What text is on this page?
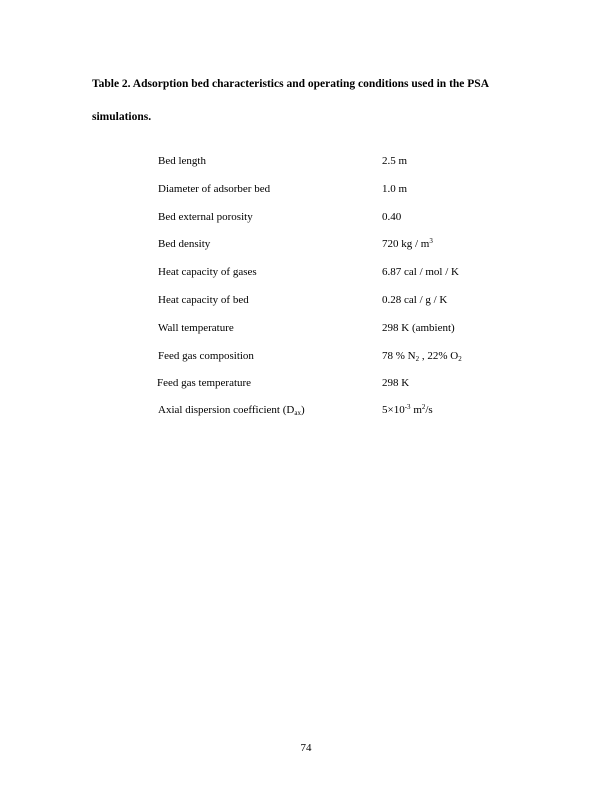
Table 2. Adsorption bed characteristics and operating conditions used in the PSA
simulations.
Bed length	2.5 m
Diameter of adsorber bed	1.0 m
Bed external porosity	0.40
Bed density	720 kg / $m^3$
Heat capacity of gases	6.87 cal / mol / K
Heat capacity of bed	0.28 cal / g / K
Wall temperature	298 K (ambient)
Feed gas composition	78 % $N_2$ , 22% $O_2$
Feed gas temperature	298 K
Axial dispersion coefficient $(D_{ax})$	$5\times 10^{-3}$ $m^2/s$
74
